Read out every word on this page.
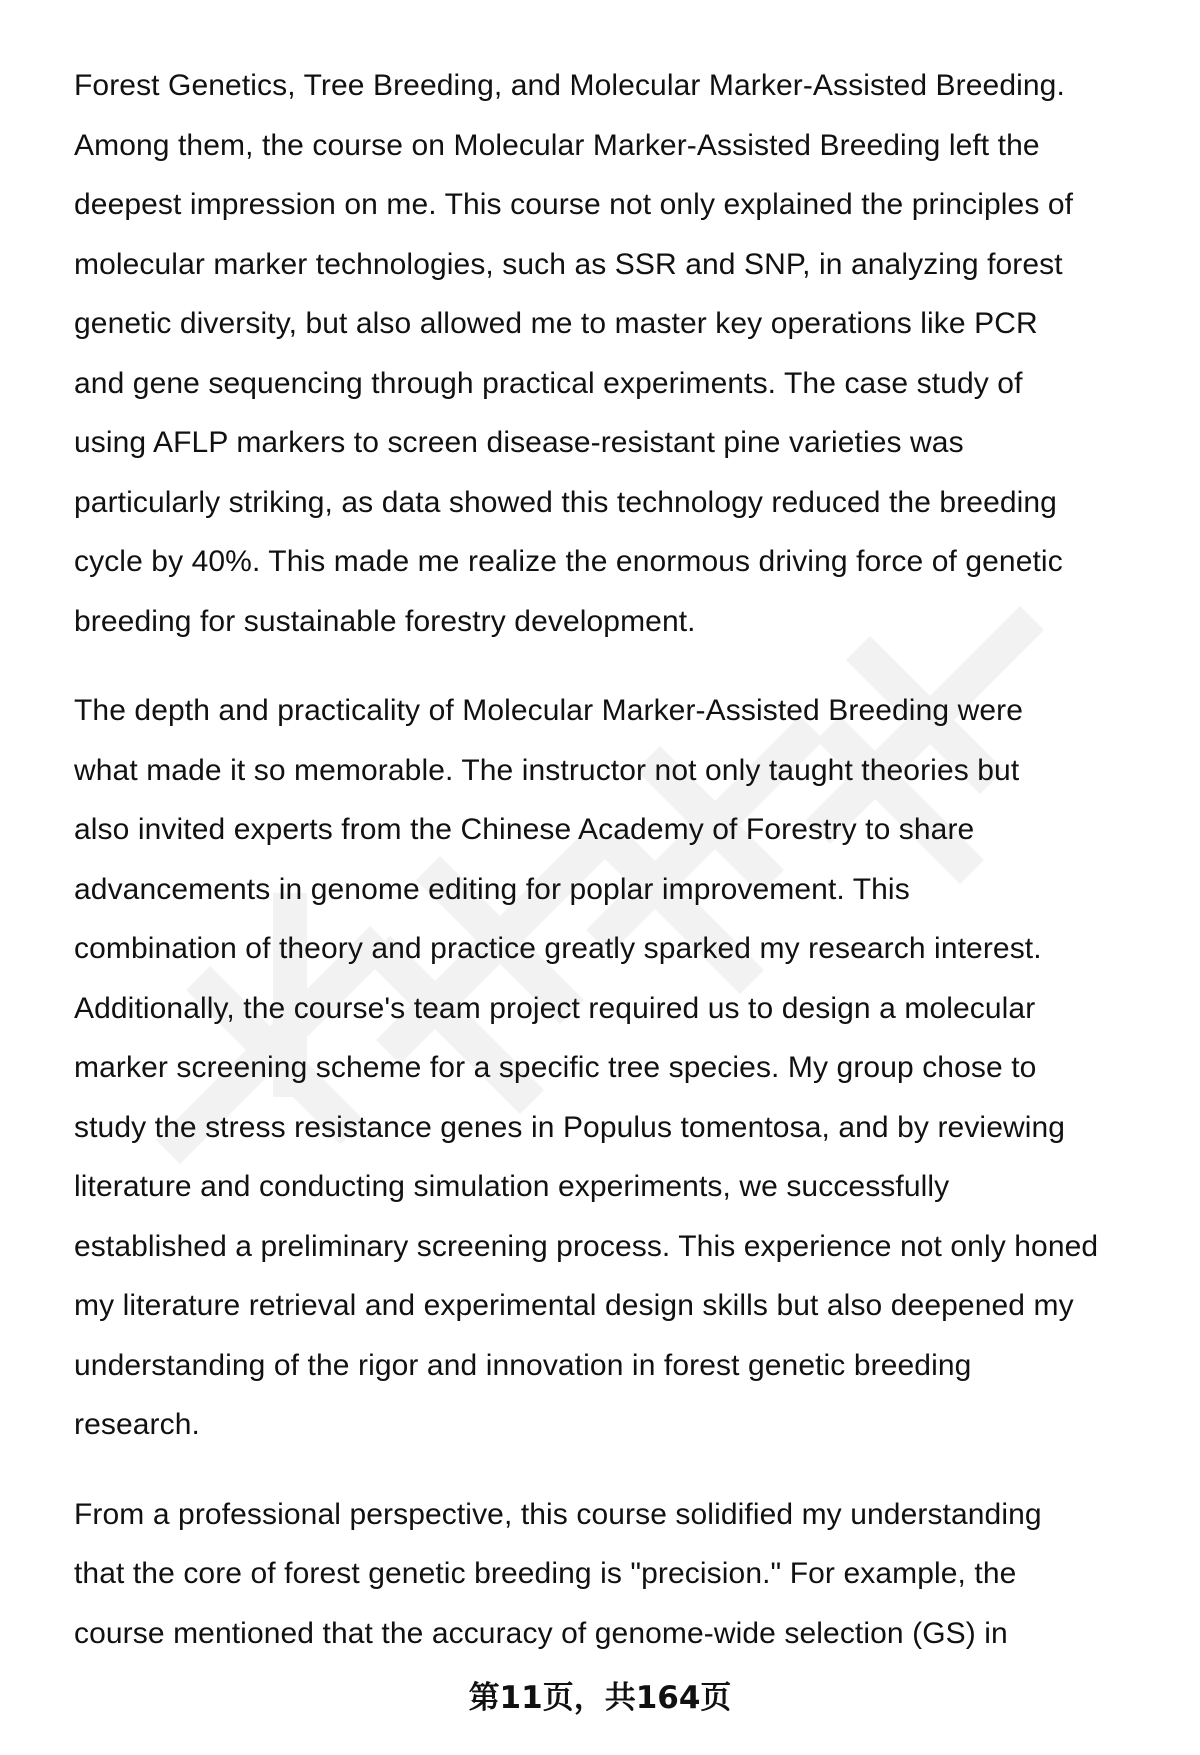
Forest Genetics, Tree Breeding, and Molecular Marker-Assisted Breeding.
Among them, the course on Molecular Marker-Assisted Breeding left the
deepest impression on me. This course not only explained the principles of
molecular marker technologies, such as SSR and SNP, in analyzing forest
genetic diversity, but also allowed me to master key operations like PCR
and gene sequencing through practical experiments. The case study of
using AFLP markers to screen disease-resistant pine varieties was
particularly striking, as data showed this technology reduced the breeding
cycle by 40%. This made me realize the enormous driving force of genetic
breeding for sustainable forestry development.

The depth and practicality of Molecular Marker-Assisted Breeding were
what made it so memorable. The instructor not only taught theories but
also invited experts from the Chinese Academy of Forestry to share
advancements in genome editing for poplar improvement. This
combination of theory and practice greatly sparked my research interest.
Additionally, the course's team project required us to design a molecular
marker screening scheme for a specific tree species. My group chose to
study the stress resistance genes in Populus tomentosa, and by reviewing
literature and conducting simulation experiments, we successfully
established a preliminary screening process. This experience not only honed
my literature retrieval and experimental design skills but also deepened my
understanding of the rigor and innovation in forest genetic breeding
research.

From a professional perspective, this course solidified my understanding
that the core of forest genetic breeding is "precision." For example, the
course mentioned that the accuracy of genome-wide selection (GS) in

第11页，共164页
